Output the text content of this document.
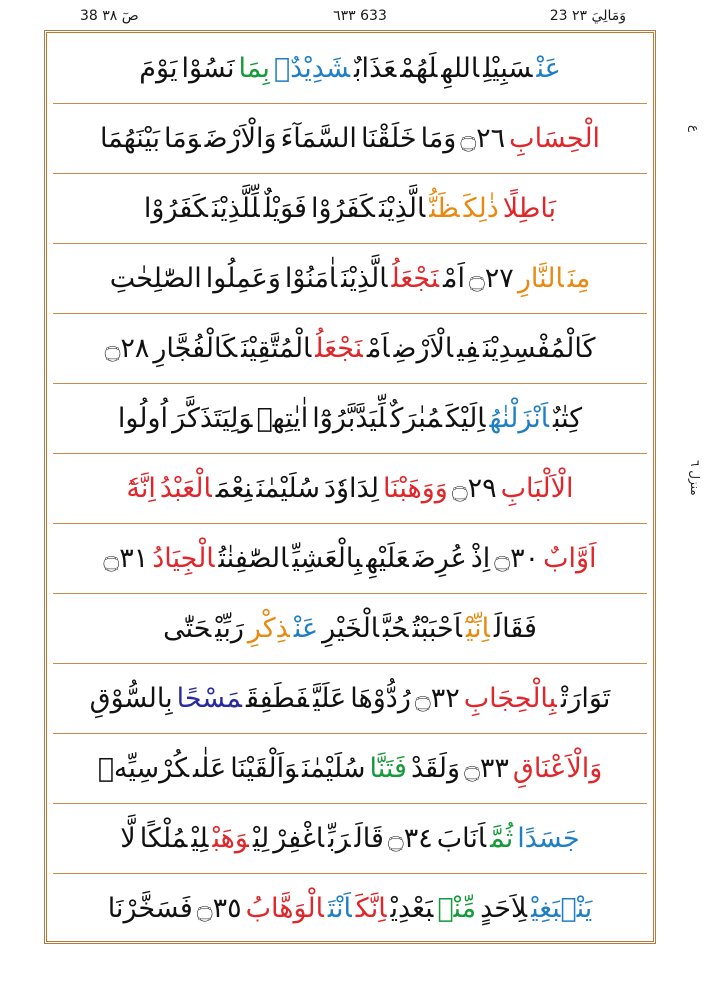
38 صٓ ٣٨	٦٣٣ 633	23 وَمَالِيَ ٢٣
عَنْسَبِيْلِاللهِلَهُمْعَذَابٌشَدِيْدٌۢبِمَانَسُوْايَوْمَ
الْحِسَابِ۝٢٦وَمَاخَلَقْنَاالسَّمَآءَوَالْاَرْضَوَمَابَيْنَهُمَا
بَاطِلًاذٰلِكَظَنُّالَّذِيْنَكَفَرُوْافَوَيْلٌلِّلَّذِيْنَكَفَرُوْا
مِنَالنَّارِ۝٢٧اَمْنَجْعَلُالَّذِيْنَاٰمَنُوْاوَعَمِلُواالصّٰلِحٰتِ
كَالْمُفْسِدِيْنَفِيالْاَرْضِاَمْنَجْعَلُالْمُتَّقِيْنَكَالْفُجَّارِ۝٢٨
كِتٰبٌاَنْزَلْنٰهُاِلَيْكَمُبٰرَكٌلِّيَدَّبَّرُوْٓااٰيٰتِهٖوَلِيَتَذَكَّرَاُولُوا
الْاَلْبَابِ۝٢٩وَوَهَبْنَالِدَاوٗدَسُلَيْمٰنَنِعْمَالْعَبْدُاِنَّهٗٓ
اَوَّابٌ۝٣٠اِذْعُرِضَعَلَيْهِبِالْعَشِيِّالصّٰفِنٰتُالْجِيَادُ۝٣١
فَقَالَاِنِّيْٓاَحْبَبْتُحُبَّالْخَيْرِعَنْذِكْرِرَبِّيْحَتّٰى
تَوَارَتْبِالْحِجَابِ۝٣٢رُدُّوْهَاعَلَيَّفَطَفِقَمَسْحًابِالسُّوْقِ
وَالْاَعْنَاقِ۝٣٣وَلَقَدْفَتَنَّاسُلَيْمٰنَوَاَلْقَيْنَاعَلٰىكُرْسِيِّهٖ
جَسَدًاثُمَّاَنَابَ۝٣٤قَالَرَبِّاغْفِرْلِيْوَهَبْلِيْمُلْكًالَّا
يَنْۢبَغِيْلِاَحَدٍمِّنْۢبَعْدِيْاِنَّكَاَنْتَالْوَهَّابُ۝٣٥فَسَخَّرْنَا
ع
منزل ٦
